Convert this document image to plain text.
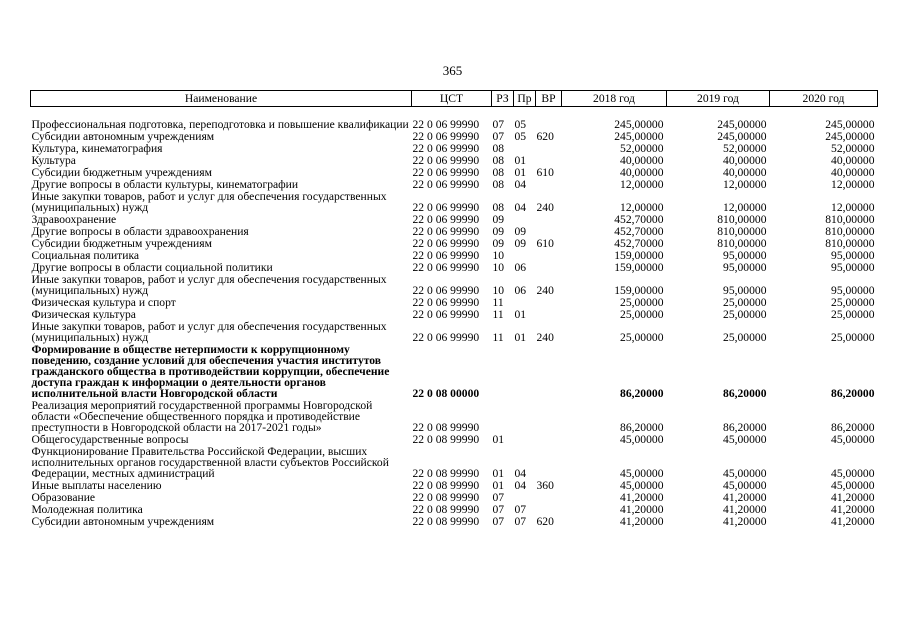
365
Наименование	ЦСТ	РЗ	Пр	ВР	2018 год	2019 год	2020 год
Профессиональная подготовка, переподготовка и повышение квалификации	22 0 06 99990	07	05		245,00000	245,00000	245,00000
Субсидии автономным учреждениям	22 0 06 99990	07	05	620	245,00000	245,00000	245,00000
Культура, кинематография	22 0 06 99990	08			52,00000	52,00000	52,00000
Культура	22 0 06 99990	08	01		40,00000	40,00000	40,00000
Субсидии бюджетным учреждениям	22 0 06 99990	08	01	610	40,00000	40,00000	40,00000
Другие вопросы в области культуры, кинематографии	22 0 06 99990	08	04		12,00000	12,00000	12,00000
Иные закупки товаров, работ и услуг для обеспечения государственных (муниципальных) нужд	22 0 06 99990	08	04	240	12,00000	12,00000	12,00000
Здравоохранение	22 0 06 99990	09			452,70000	810,00000	810,00000
Другие вопросы в области здравоохранения	22 0 06 99990	09	09		452,70000	810,00000	810,00000
Субсидии бюджетным учреждениям	22 0 06 99990	09	09	610	452,70000	810,00000	810,00000
Социальная политика	22 0 06 99990	10			159,00000	95,00000	95,00000
Другие вопросы в области социальной политики	22 0 06 99990	10	06		159,00000	95,00000	95,00000
Иные закупки товаров, работ и услуг для обеспечения государственных (муниципальных) нужд	22 0 06 99990	10	06	240	159,00000	95,00000	95,00000
Физическая культура и спорт	22 0 06 99990	11			25,00000	25,00000	25,00000
Физическая культура	22 0 06 99990	11	01		25,00000	25,00000	25,00000
Иные закупки товаров, работ и услуг для обеспечения государственных (муниципальных) нужд	22 0 06 99990	11	01	240	25,00000	25,00000	25,00000
Формирование в обществе нетерпимости к коррупционному поведению, создание условий для обеспечения участия институтов гражданского общества в противодействии коррупции, обеспечение доступа граждан к информации о деятельности органов исполнительной власти Новгородской области	22 0 08 00000				86,20000	86,20000	86,20000
Реализация мероприятий государственной программы Новгородской области «Обеспечение общественного порядка и противодействие преступности в Новгородской области на 2017-2021 годы»	22 0 08 99990				86,20000	86,20000	86,20000
Общегосударственные вопросы	22 0 08 99990	01			45,00000	45,00000	45,00000
Функционирование Правительства Российской Федерации, высших исполнительных органов государственной власти субъектов Российской Федерации, местных администраций	22 0 08 99990	01	04		45,00000	45,00000	45,00000
Иные выплаты населению	22 0 08 99990	01	04	360	45,00000	45,00000	45,00000
Образование	22 0 08 99990	07			41,20000	41,20000	41,20000
Молодежная политика	22 0 08 99990	07	07		41,20000	41,20000	41,20000
Субсидии автономным учреждениям	22 0 08 99990	07	07	620	41,20000	41,20000	41,20000
